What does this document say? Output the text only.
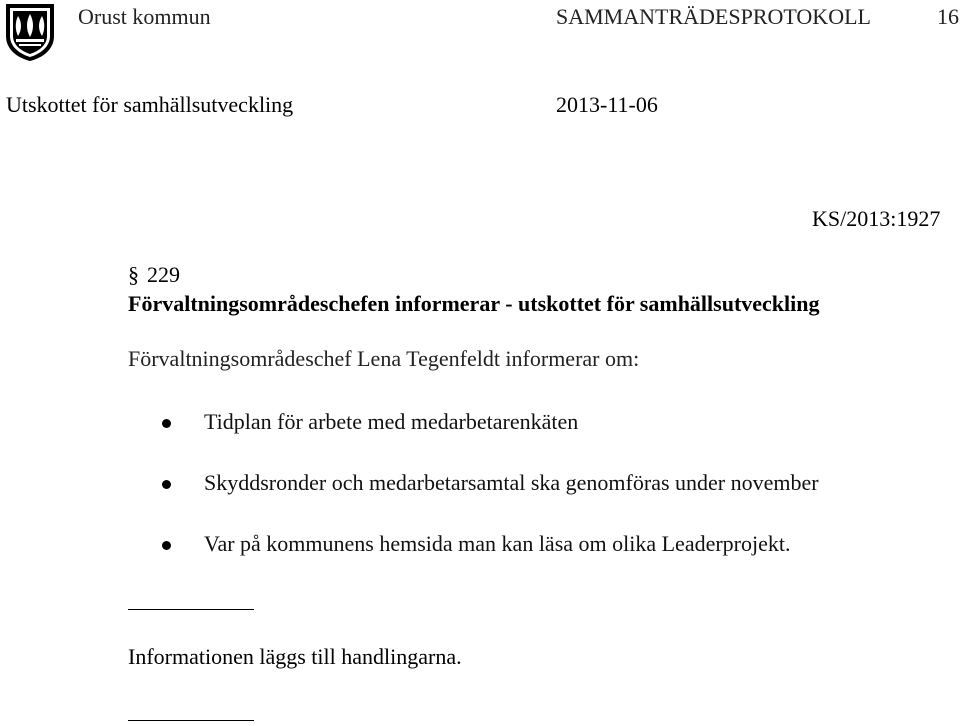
Orust kommun	SAMMANTRÄDESPROTOKOLL	16
Utskottet för samhällsutveckling	2013-11-06
KS/2013:1927
§ 229
Förvaltningsområdeschefen informerar - utskottet för samhällsutveckling
Förvaltningsområdeschef Lena Tegenfeldt informerar om:
Tidplan för arbete med medarbetarenkäten
Skyddsronder och medarbetarsamtal ska genomföras under november
Var på kommunens hemsida man kan läsa om olika Leaderprojekt.
Informationen läggs till handlingarna.
